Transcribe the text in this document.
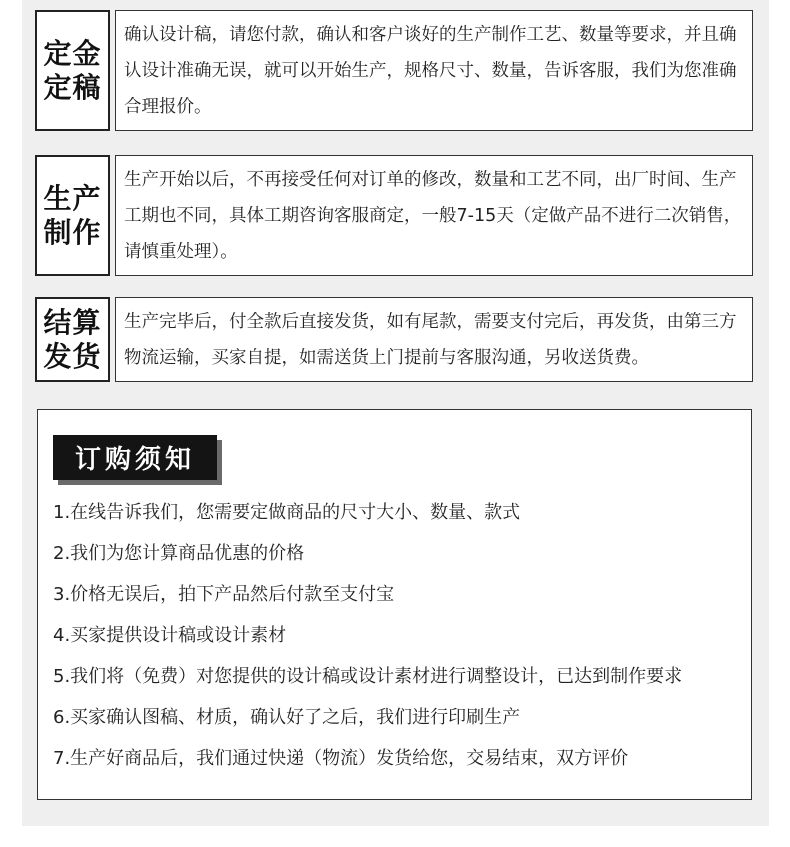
定金定稿

确认设计稿，请您付款，确认和客户谈好的生产制作工艺、数量等要求，并且确认设计准确无误，就可以开始生产，规格尺寸、数量，告诉客服，我们为您准确合理报价。

生产制作

生产开始以后，不再接受任何对订单的修改，数量和工艺不同，出厂时间、生产工期也不同，具体工期咨询客服商定，一般7-15天（定做产品不进行二次销售，请慎重处理）。

结算发货

生产完毕后，付全款后直接发货，如有尾款，需要支付完后，再发货，由第三方物流运输，买家自提，如需送货上门提前与客服沟通，另收送货费。

订购须知
1.在线告诉我们，您需要定做商品的尺寸大小、数量、款式
2.我们为您计算商品优惠的价格
3.价格无误后，拍下产品然后付款至支付宝
4.买家提供设计稿或设计素材
5.我们将（免费）对您提供的设计稿或设计素材进行调整设计，已达到制作要求
6.买家确认图稿、材质，确认好了之后，我们进行印刷生产
7.生产好商品后，我们通过快递（物流）发货给您，交易结束，双方评价
